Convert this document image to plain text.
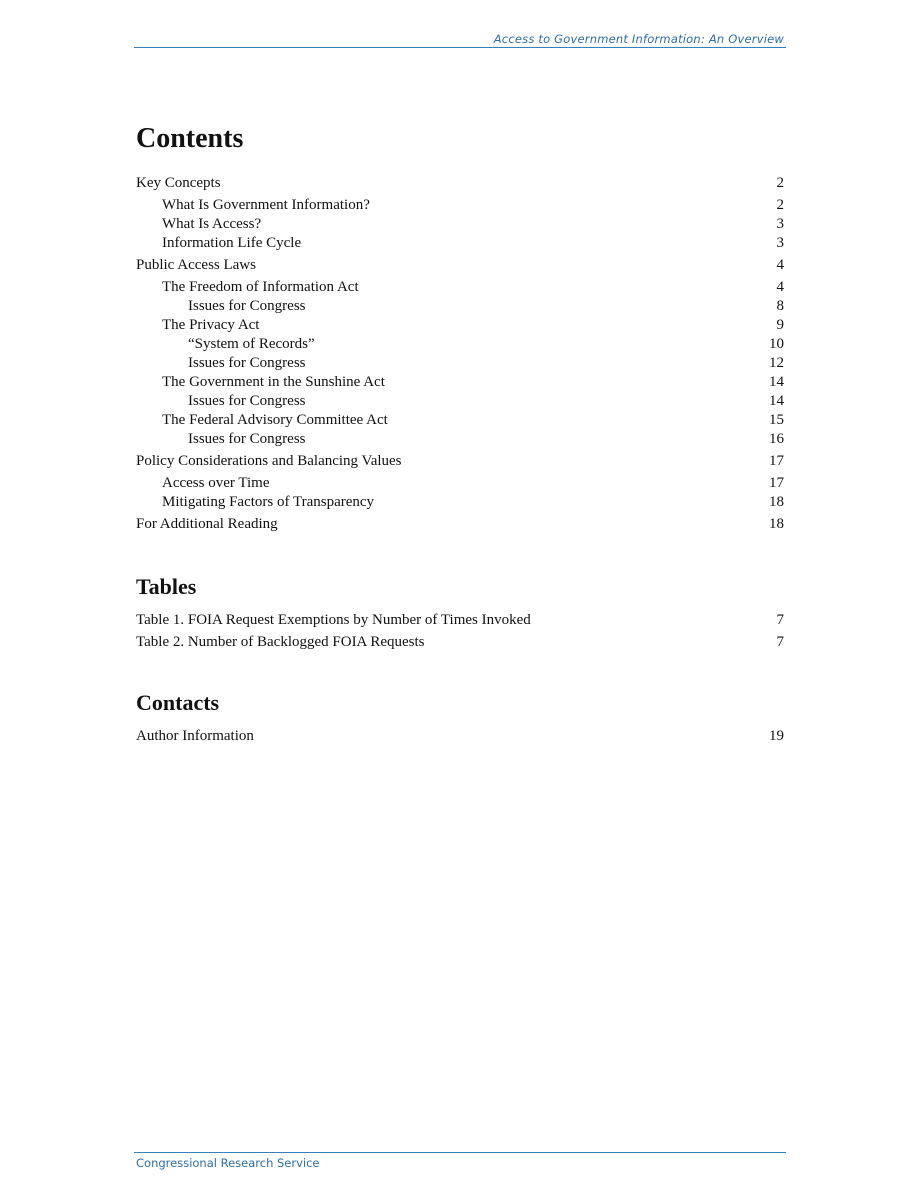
Access to Government Information: An Overview
Contents
Key Concepts	2
What Is Government Information?	2
What Is Access?	3
Information Life Cycle	3
Public Access Laws	4
The Freedom of Information Act	4
Issues for Congress	8
The Privacy Act	9
“System of Records”	10
Issues for Congress	12
The Government in the Sunshine Act	14
Issues for Congress	14
The Federal Advisory Committee Act	15
Issues for Congress	16
Policy Considerations and Balancing Values	17
Access over Time	17
Mitigating Factors of Transparency	18
For Additional Reading	18
Tables
Table 1. FOIA Request Exemptions by Number of Times Invoked	7
Table 2. Number of Backlogged FOIA Requests	7
Contacts
Author Information	19
Congressional Research Service
